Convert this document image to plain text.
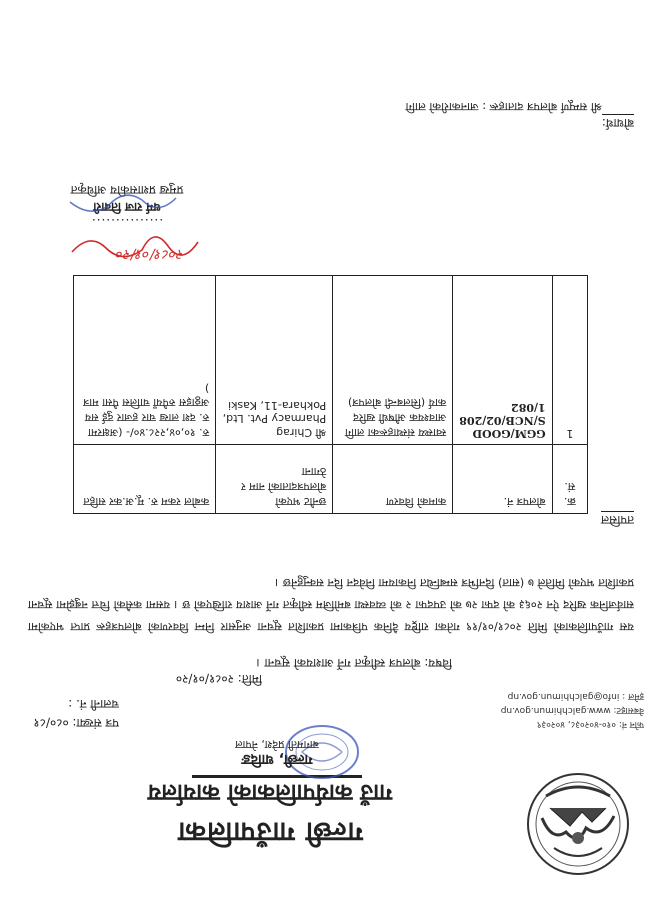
गल्छी गाउँपालिका
गाउँ कार्यपालिकाको कार्यालय
गल्छी, धादिङ
बागमती प्रदेश, नेपाल
फोन नं: ०१०-४०२०३८, ४०२०३९
वेबसाइट: www.galchhimun.gov.np
इमेल : info@galchhimun.gov.np
पत्र संख्या: ०८०/८१
चलानी नं. :
मिति: २०८१/०१/२०
विषय: बोलपत्र स्वीकृत गर्ने आशयको सूचना ।
यस गाउँपालिकाको मिति २०८१/०१/१९ गतेका राष्ट्रिय दैनिक पत्रिकामा प्रकाशित सूचना अनुसार निम्न विवरणको बोलपत्रहरू प्राप्त भएकोमा सार्वजनिक खरिद ऐन २०६३ को दफा २७ को उपदफा २ को व्यवस्था बमोजिम स्वीकृत गर्ने आशय राखिएको छ । यसमा कसैको चित्त नबुझेमा सूचना प्रकाशित भएको मितिले ७ (सात) दिनभित्र सम्बन्धित निकायमा निवेदन दिन सक्नुहुनेछ ।
तपसिल
क्र. सं.	बोलपत्र नं.	कामको विवरण	छनौट भएको बोलपत्रदाताको नाम र ठेगाना	कबोल रकम रु. मू.अ.कर सहित
1	GGM/GOOD S/NCB/02/208 1/082	स्वास्थ्य संस्थाहरूका लागि आवश्यक औषधी खरिद कार्य (सिलबन्दी बोलपत्र)	श्री Chirag Pharmacy Pvt. Ltd, Pokhara-11, Kaski	रु. १०,०४,२२८.४०/- (अक्षरमा रु. दश लाख चार हजार दुई सय अठ्ठाइस रुपैयाँ चालिस पैसा मात्र )
२०८१/०१/२०
...............
धर्म राज तिवारी
प्रमुख प्रशासकीय अधिकृत
बोधार्थ:
श्री सम्पूर्ण बोलपत्र दाताहरू : जानकारीको लागि
